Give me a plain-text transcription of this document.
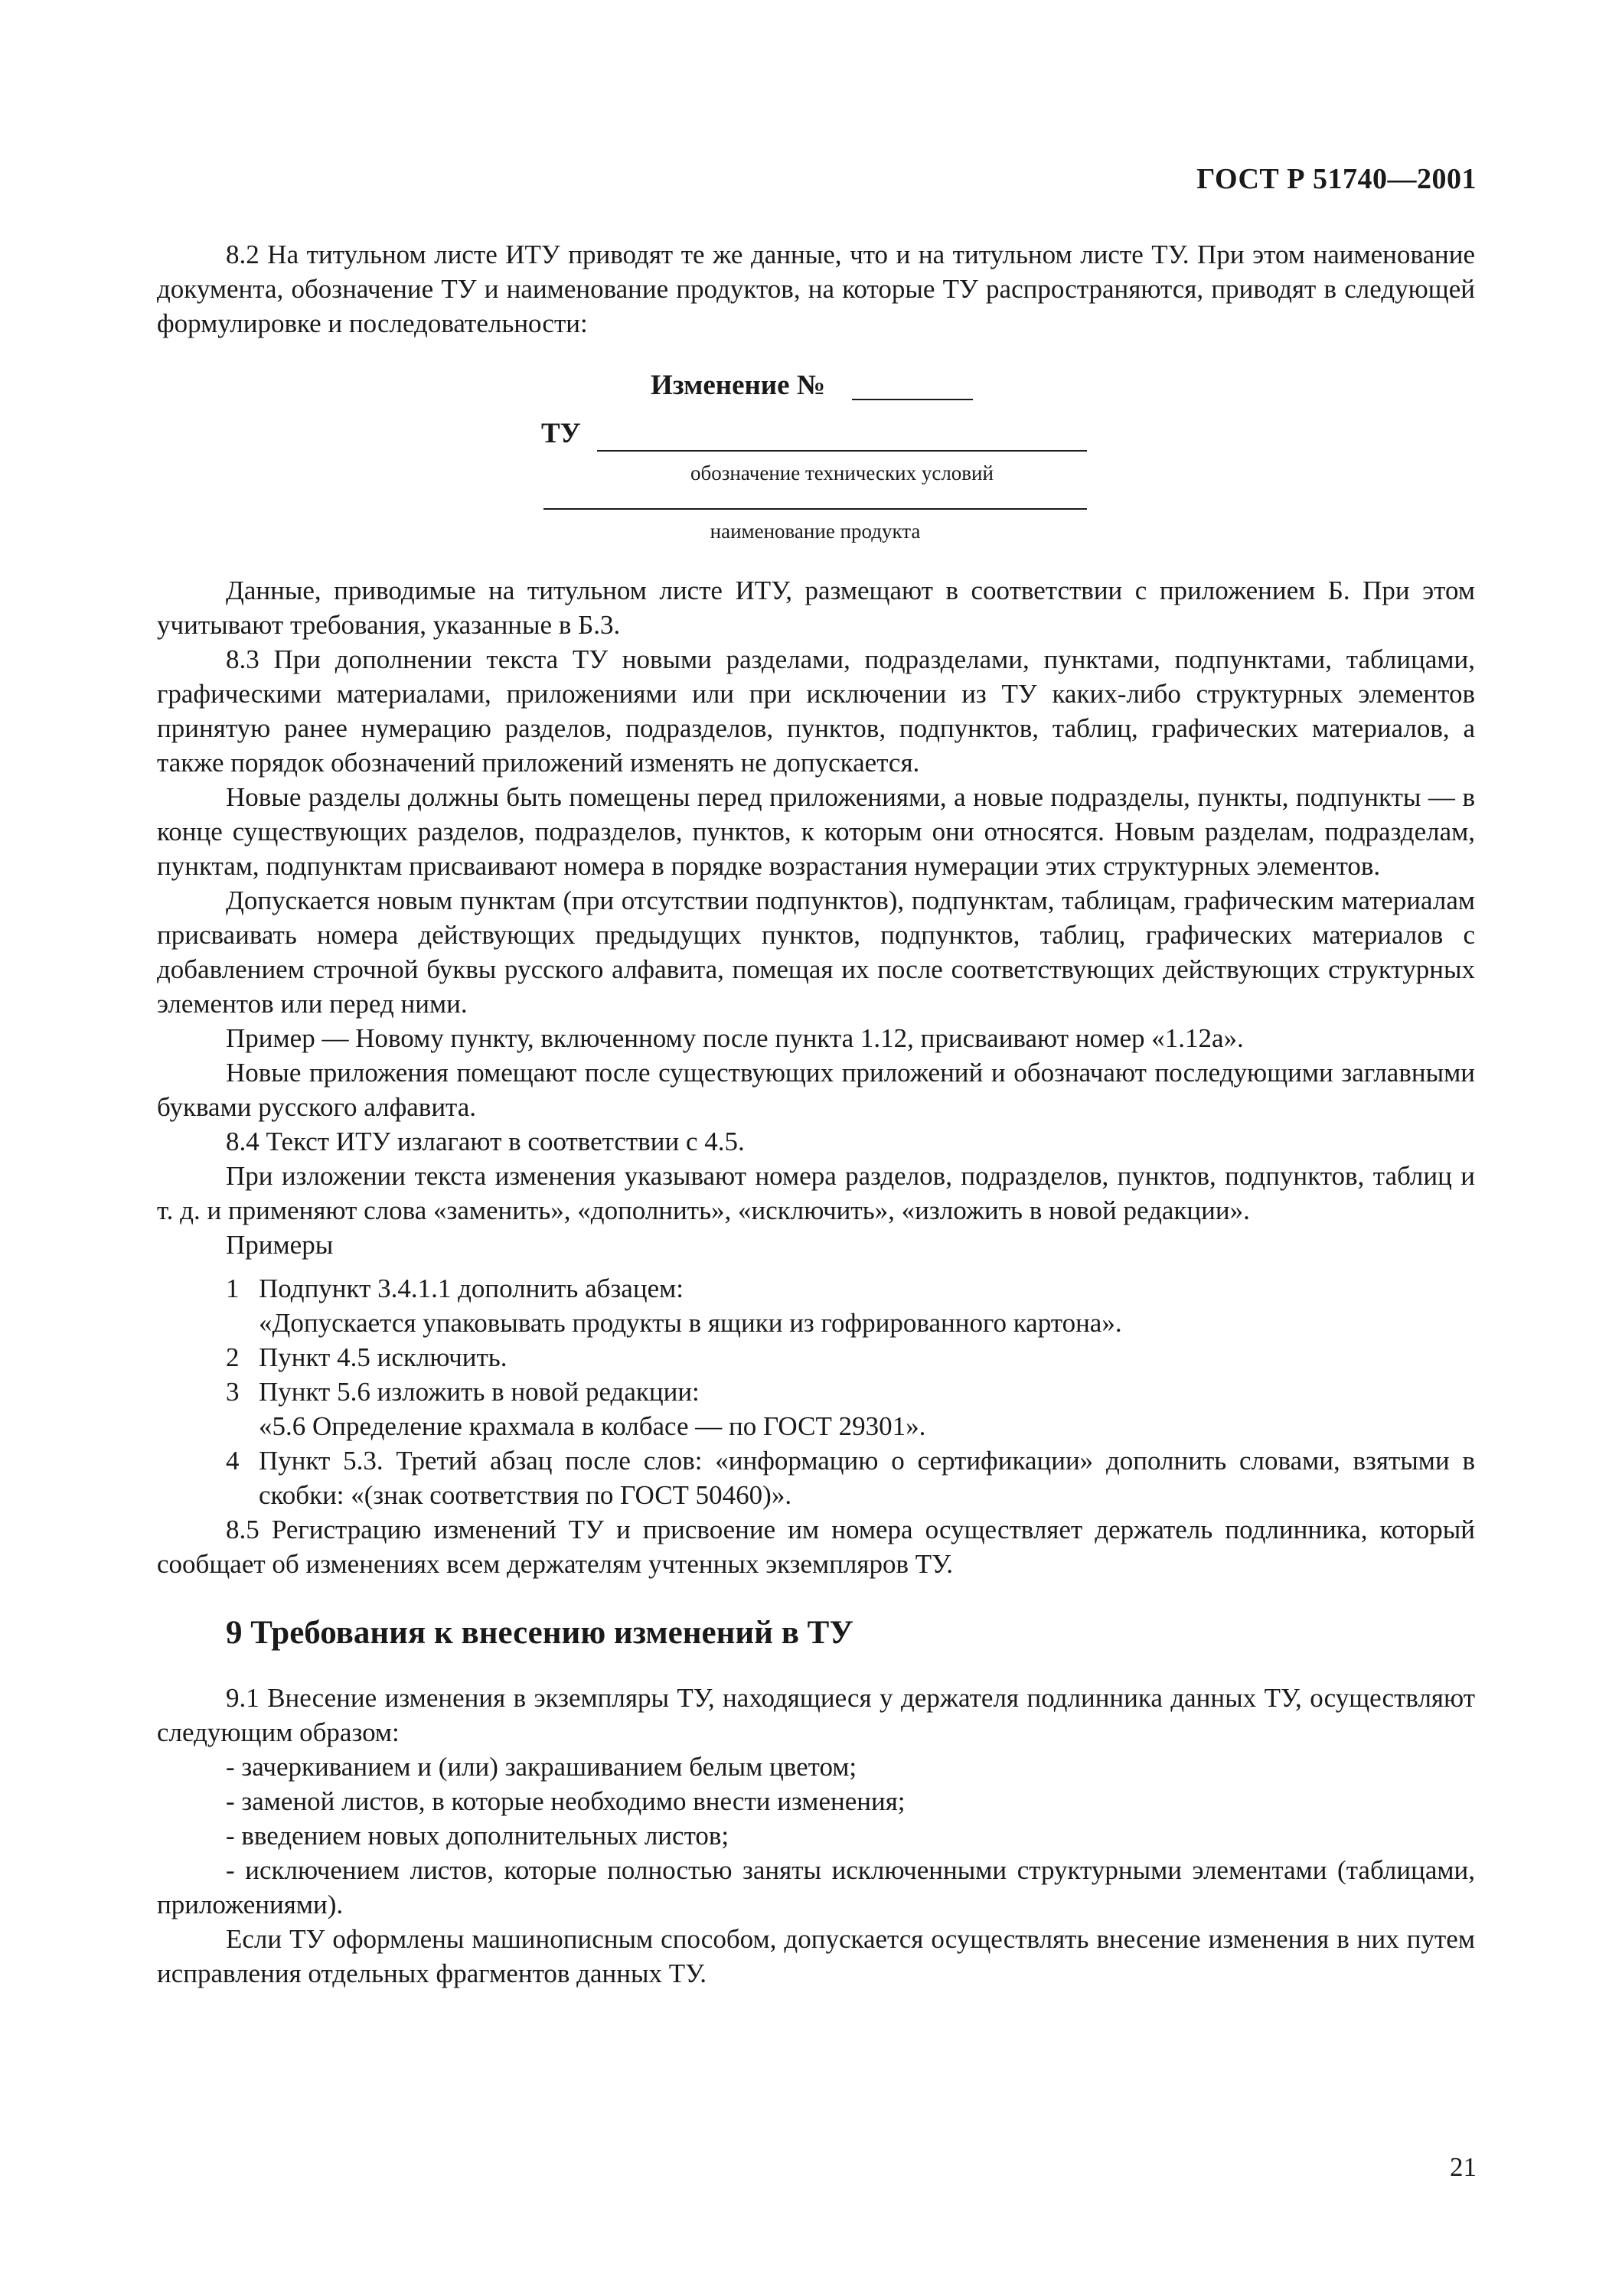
ГОСТ Р 51740—2001

8.2 На титульном листе ИТУ приводят те же данные, что и на титульном листе ТУ. При этом наименование документа, обозначение ТУ и наименование продуктов, на которые ТУ распространяются, приводят в следующей формулировке и последовательности:

Изменение №
ТУ
обозначение технических условий
наименование продукта

Данные, приводимые на титульном листе ИТУ, размещают в соответствии с приложением Б. При этом учитывают требования, указанные в Б.3.

8.3 При дополнении текста ТУ новыми разделами, подразделами, пунктами, подпунктами, таблицами, графическими материалами, приложениями или при исключении из ТУ каких-либо структурных элементов принятую ранее нумерацию разделов, подразделов, пунктов, подпунктов, таблиц, графических материалов, а также порядок обозначений приложений изменять не допускается.

Новые разделы должны быть помещены перед приложениями, а новые подразделы, пункты, подпункты — в конце существующих разделов, подразделов, пунктов, к которым они относятся. Новым разделам, подразделам, пунктам, подпунктам присваивают номера в порядке возрастания нумерации этих структурных элементов.

Допускается новым пунктам (при отсутствии подпунктов), подпунктам, таблицам, графическим материалам присваивать номера действующих предыдущих пунктов, подпунктов, таблиц, графических материалов с добавлением строчной буквы русского алфавита, помещая их после соответствующих действующих структурных элементов или перед ними.

Пример — Новому пункту, включенному после пункта 1.12, присваивают номер «1.12а».

Новые приложения помещают после существующих приложений и обозначают последующими заглавными буквами русского алфавита.

8.4 Текст ИТУ излагают в соответствии с 4.5.

При изложении текста изменения указывают номера разделов, подразделов, пунктов, подпунктов, таблиц и т. д. и применяют слова «заменить», «дополнить», «исключить», «изложить в новой редакции».

Примеры
1 Подпункт 3.4.1.1 дополнить абзацем:
«Допускается упаковывать продукты в ящики из гофрированного картона».
2 Пункт 4.5 исключить.
3 Пункт 5.6 изложить в новой редакции:
«5.6 Определение крахмала в колбасе — по ГОСТ 29301».
4 Пункт 5.3. Третий абзац после слов: «информацию о сертификации» дополнить словами, взятыми в скобки: «(знак соответствия по ГОСТ 50460)».

8.5 Регистрацию изменений ТУ и присвоение им номера осуществляет держатель подлинника, который сообщает об изменениях всем держателям учтенных экземпляров ТУ.

9 Требования к внесению изменений в ТУ

9.1 Внесение изменения в экземпляры ТУ, находящиеся у держателя подлинника данных ТУ, осуществляют следующим образом:

- зачеркиванием и (или) закрашиванием белым цветом;
- заменой листов, в которые необходимо внести изменения;
- введением новых дополнительных листов;

- исключением листов, которые полностью заняты исключенными структурными элементами (таблицами, приложениями).

Если ТУ оформлены машинописным способом, допускается осуществлять внесение изменения в них путем исправления отдельных фрагментов данных ТУ.

21
